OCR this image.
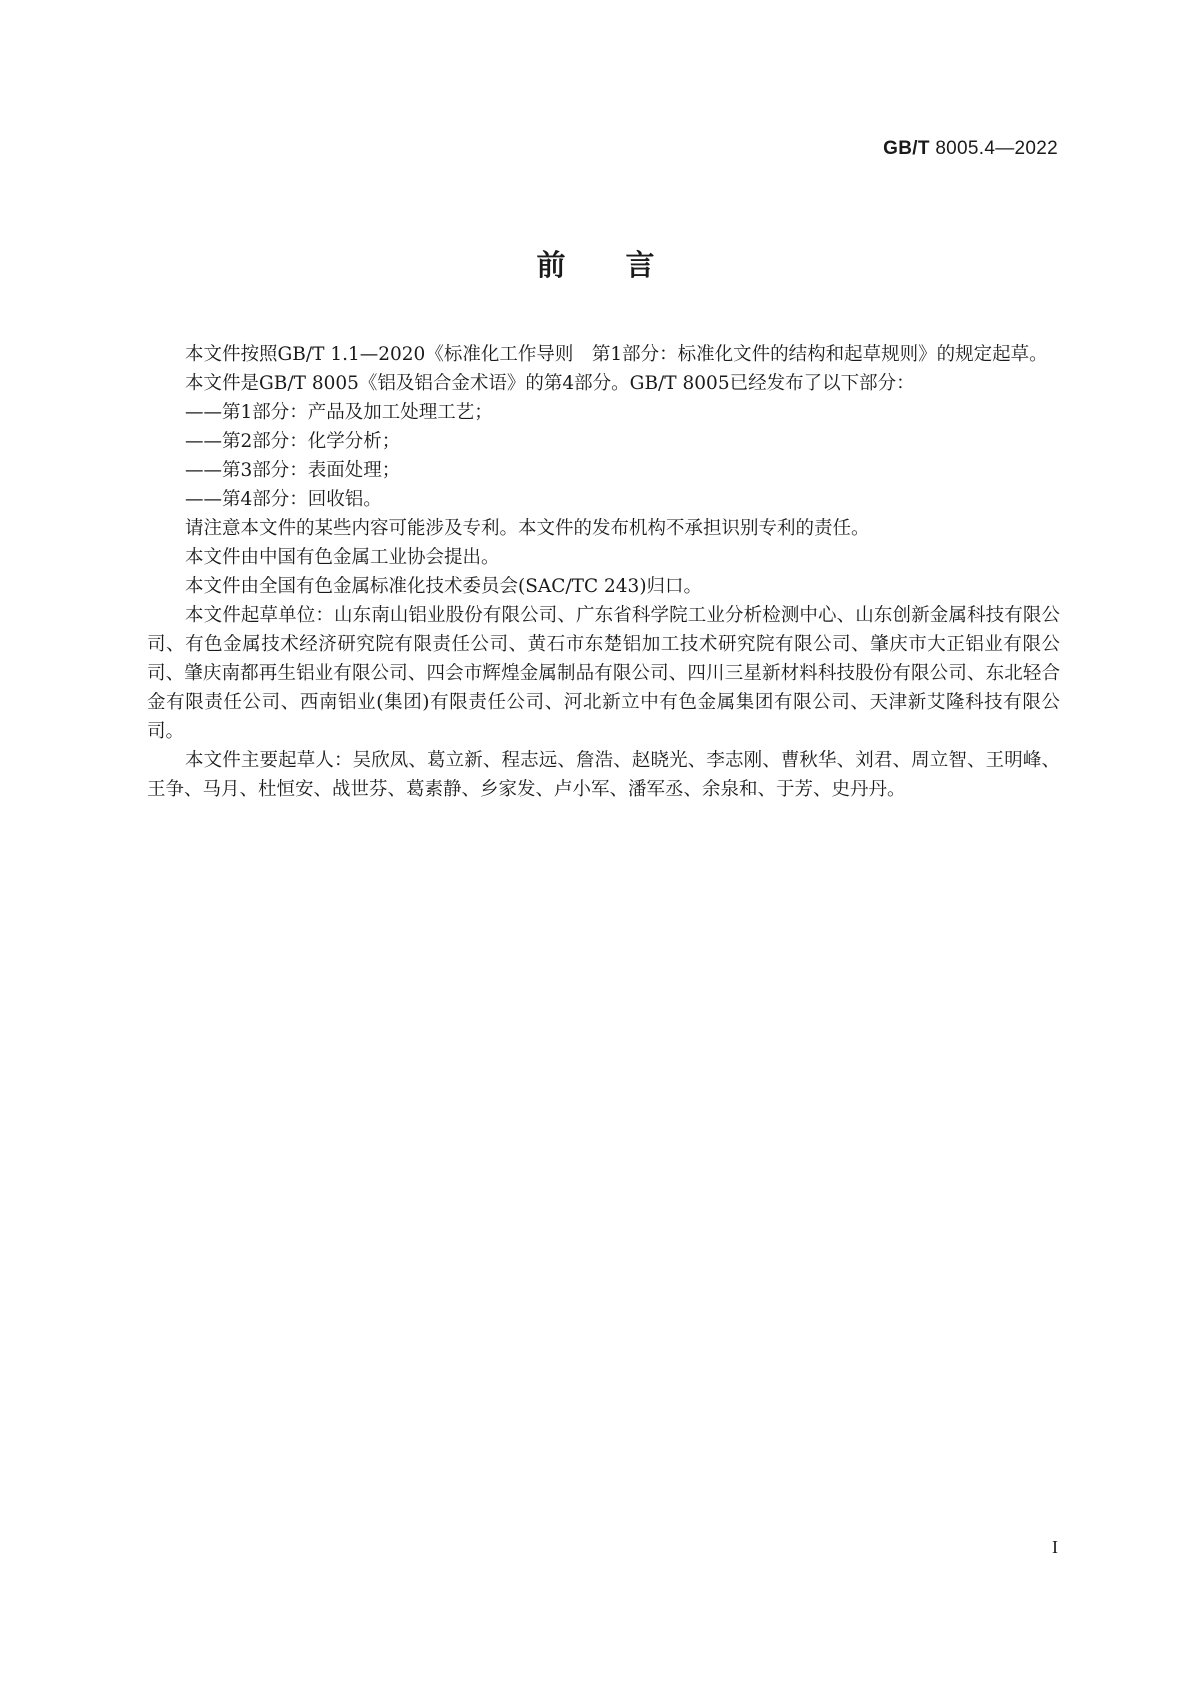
GB/T 8005.4—2022
前言

本文件按照GB/T 1.1—2020《标准化工作导则　第1部分：标准化文件的结构和起草规则》的规定起草。

本文件是GB/T 8005《铝及铝合金术语》的第4部分。GB/T 8005已经发布了以下部分：

——第1部分：产品及加工处理工艺；

——第2部分：化学分析；

——第3部分：表面处理；

——第4部分：回收铝。

请注意本文件的某些内容可能涉及专利。本文件的发布机构不承担识别专利的责任。

本文件由中国有色金属工业协会提出。

本文件由全国有色金属标准化技术委员会(SAC/TC 243)归口。

本文件起草单位：山东南山铝业股份有限公司、广东省科学院工业分析检测中心、山东创新金属科技有限公司、有色金属技术经济研究院有限责任公司、黄石市东楚铝加工技术研究院有限公司、肇庆市大正铝业有限公司、肇庆南都再生铝业有限公司、四会市辉煌金属制品有限公司、四川三星新材料科技股份有限公司、东北轻合金有限责任公司、西南铝业(集团)有限责任公司、河北新立中有色金属集团有限公司、天津新艾隆科技有限公司。

本文件主要起草人：吴欣凤、葛立新、程志远、詹浩、赵晓光、李志刚、曹秋华、刘君、周立智、王明峰、王争、马月、杜恒安、战世芬、葛素静、乡家发、卢小军、潘军丞、余泉和、于芳、史丹丹。

I
